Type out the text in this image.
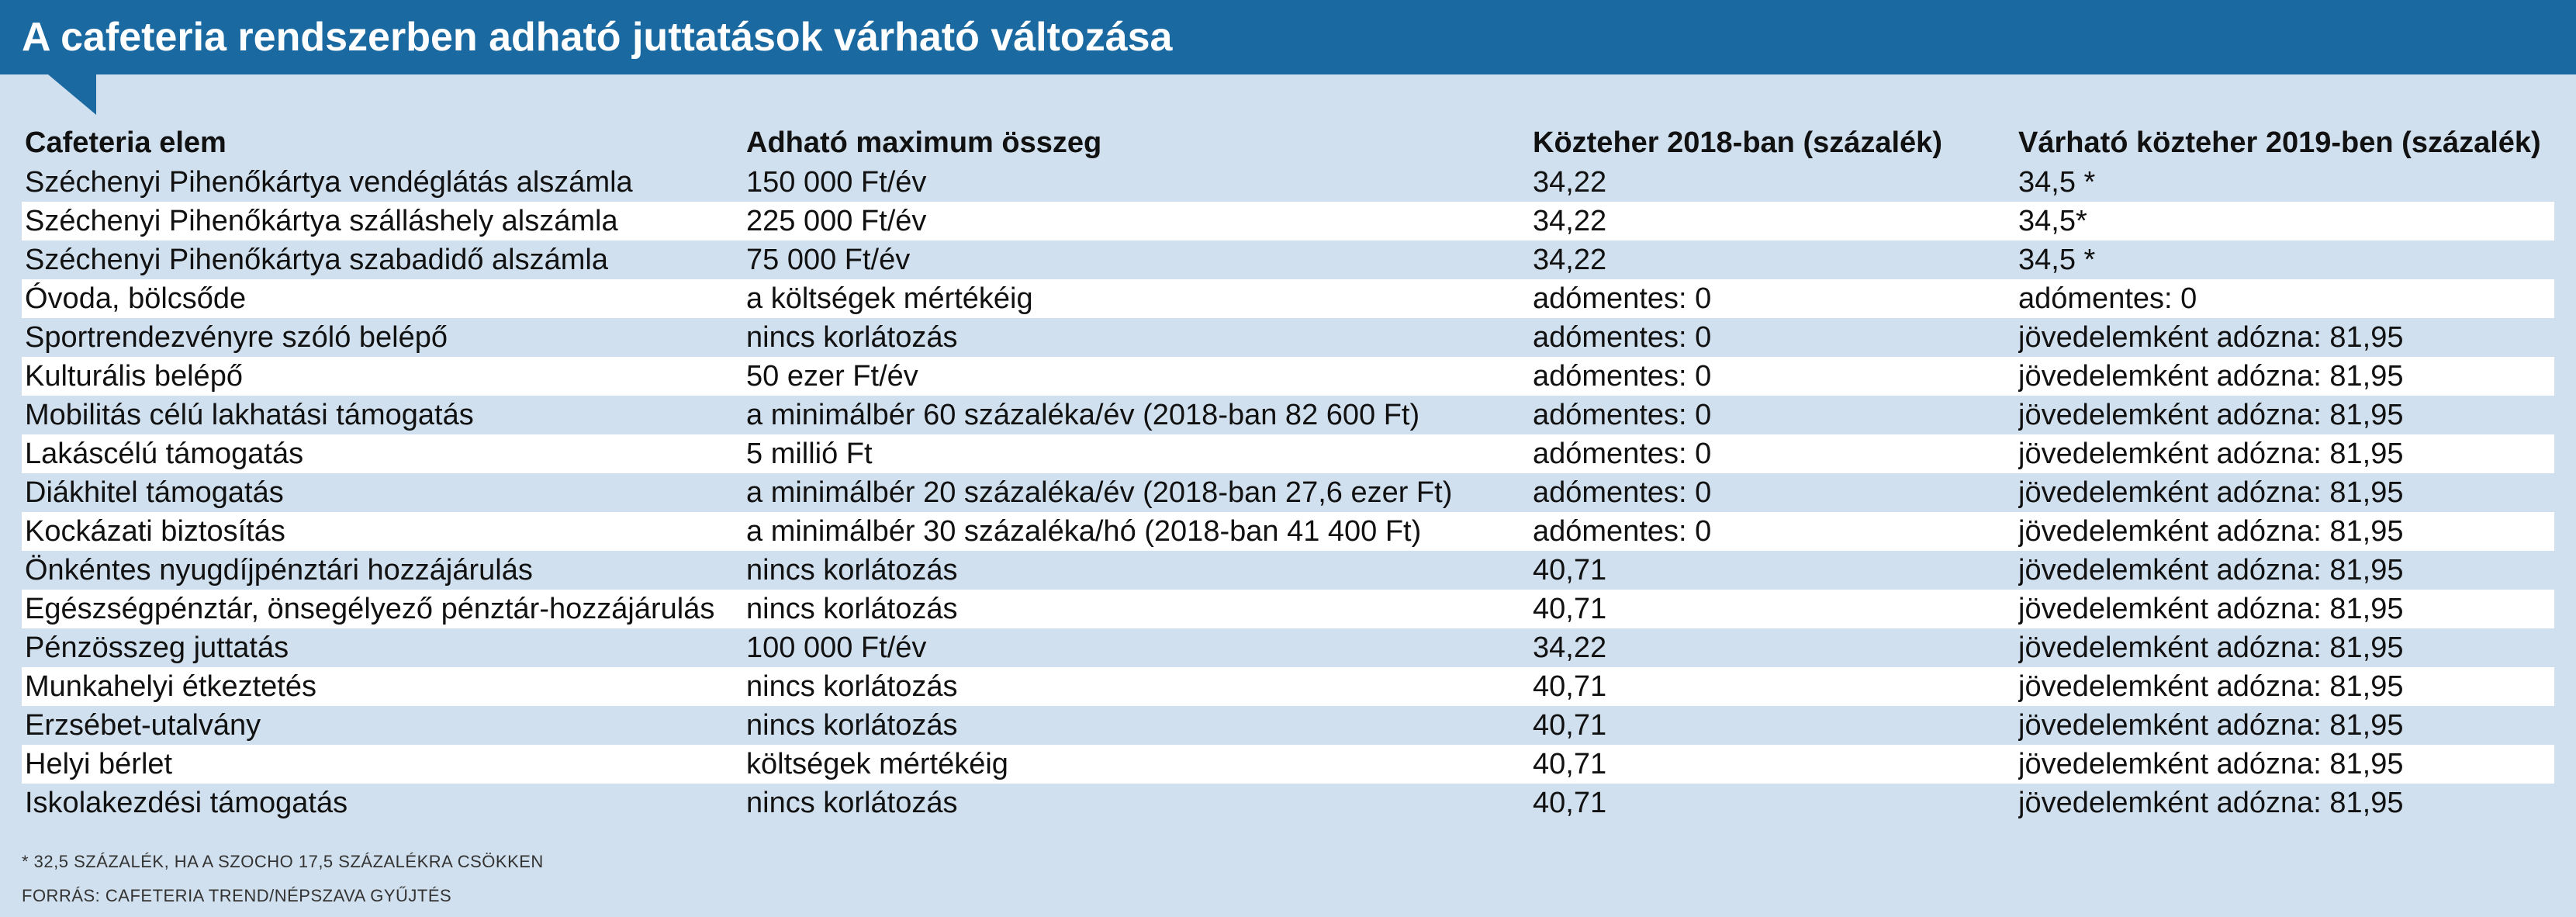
A cafeteria rendszerben adható juttatások várható változása
Cafeteria elem	Adható maximum összeg	Közteher 2018-ban (százalék)	Várható közteher 2019-ben (százalék)
Széchenyi Pihenőkártya vendéglátás alszámla	150 000 Ft/év	34,22	34,5 *
Széchenyi Pihenőkártya szálláshely alszámla	225 000 Ft/év	34,22	34,5*
Széchenyi Pihenőkártya szabadidő alszámla	75 000 Ft/év	34,22	34,5 *
Óvoda, bölcsőde	a költségek mértékéig	adómentes: 0	adómentes: 0
Sportrendezvényre szóló belépő	nincs korlátozás	adómentes: 0	jövedelemként adózna: 81,95
Kulturális belépő	50 ezer Ft/év	adómentes: 0	jövedelemként adózna: 81,95
Mobilitás célú lakhatási támogatás	a minimálbér 60 százaléka/év (2018-ban 82 600 Ft)	adómentes: 0	jövedelemként adózna: 81,95
Lakáscélú támogatás	5 millió Ft	adómentes: 0	jövedelemként adózna: 81,95
Diákhitel támogatás	a minimálbér 20 százaléka/év (2018-ban 27,6 ezer Ft)	adómentes: 0	jövedelemként adózna: 81,95
Kockázati biztosítás	a minimálbér 30 százaléka/hó (2018-ban 41 400 Ft)	adómentes: 0	jövedelemként adózna: 81,95
Önkéntes nyugdíjpénztári hozzájárulás	nincs korlátozás	40,71	jövedelemként adózna: 81,95
Egészségpénztár, önsegélyező pénztár-hozzájárulás	nincs korlátozás	40,71	jövedelemként adózna: 81,95
Pénzösszeg juttatás	100 000 Ft/év	34,22	jövedelemként adózna: 81,95
Munkahelyi étkeztetés	nincs korlátozás	40,71	jövedelemként adózna: 81,95
Erzsébet-utalvány	nincs korlátozás	40,71	jövedelemként adózna: 81,95
Helyi bérlet	költségek mértékéig	40,71	jövedelemként adózna: 81,95
Iskolakezdési támogatás	nincs korlátozás	40,71	jövedelemként adózna: 81,95
* 32,5 SZÁZALÉK, HA A SZOCHO 17,5 SZÁZALÉKRA CSÖKKEN
FORRÁS: CAFETERIA TREND/NÉPSZAVA GYŰJTÉS
